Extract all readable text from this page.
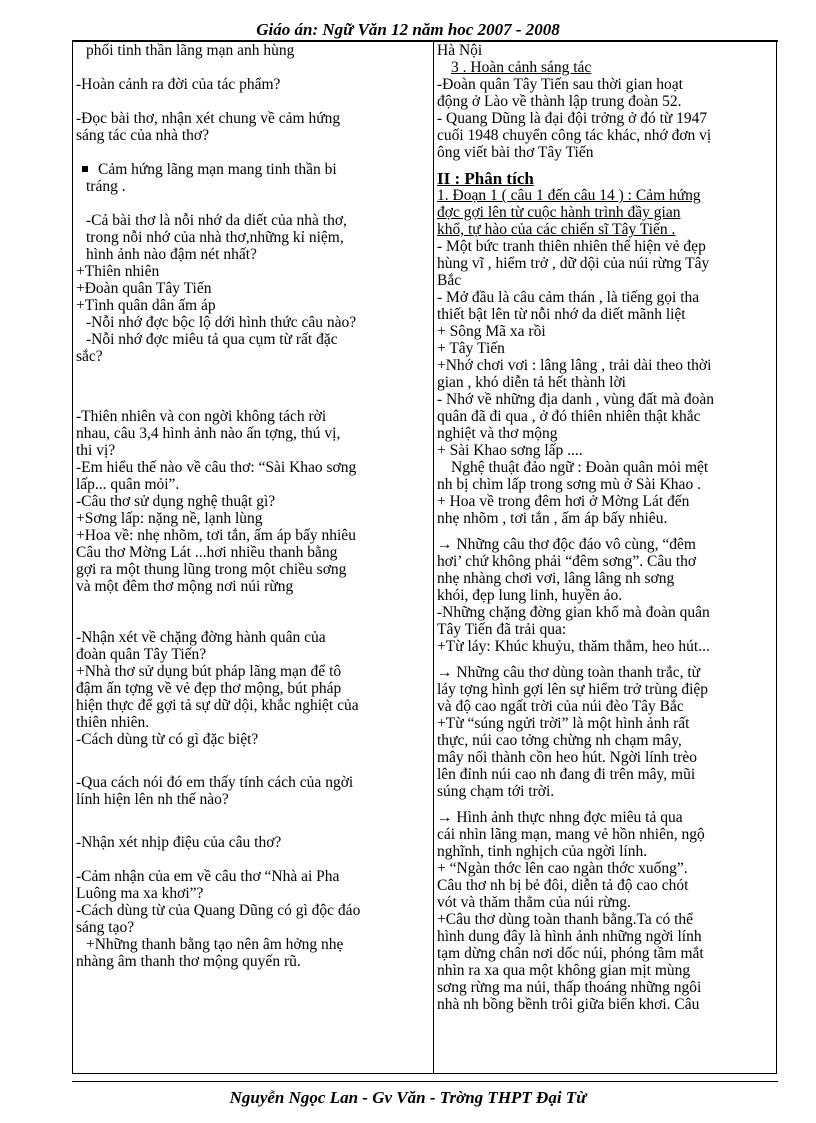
Giáo án: Ngữ Văn 12 năm hoc 2007 - 2008
phối tinh thần lãng mạn anh hùng
-Hoàn cảnh ra đời của tác phẩm?
-Đọc bài thơ, nhận xét chung về cảm hứng
sáng tác của nhà thơ?
Cảm hứng lãng mạn mang tinh thần bi
tráng .
-Cả bài thơ là nỗi nhớ da diết của nhà thơ,
trong nỗi nhớ của nhà thơ,những kỉ niệm,
hình ảnh nào đậm nét nhất?
+Thiên nhiên
+Đoàn quân Tây Tiến
+Tình quân dân ấm áp
-Nỗi nhớ đợc bộc lộ dới hình thức câu nào?
-Nỗi nhớ đợc miêu tả qua cụm từ rất đặc
sắc?
-Thiên nhiên và con ngời không tách rời
nhau, câu 3,4 hình ảnh nào ấn tợng, thú vị,
thi vị?
-Em hiểu thế nào về câu thơ: “Sài Khao sơng
lấp... quân mỏi”.
-Câu thơ sử dụng nghệ thuật gì?
+Sơng lấp: nặng nề, lạnh lùng
+Hoa về: nhẹ nhõm, tơi tắn, ấm áp bấy nhiêu
Câu thơ Mờng Lát ...hơi nhiều thanh bằng
gợi ra một thung lũng trong một chiều sơng
và một đêm thơ mộng nơi núi rừng
-Nhận xét về chặng đờng hành quân của
đoàn quân Tây Tiến?
+Nhà thơ sử dụng bút pháp lãng mạn để tô
đậm ấn tợng về vẻ đẹp thơ mộng, bút pháp
hiện thực để gợi tả sự dữ dội, khắc nghiệt của
thiên nhiên.
-Cách dùng từ có gì đặc biệt?
-Qua cách nói đó em thấy tính cách của ngời
lính hiện lên nh thế nào?
-Nhận xét nhịp điệu của câu thơ?
-Cảm nhận của em về câu thơ “Nhà ai Pha
Luông ma xa khơi”?
-Cách dùng từ của Quang Dũng có gì độc đáo
sáng tạo?
+Những thanh bằng tạo nên âm hởng nhẹ
nhàng âm thanh thơ mộng quyến rũ.
Hà Nội
3 . Hoàn cảnh sáng tác
-Đoàn quân Tây Tiến sau thời gian hoạt
động ở Lào về thành lập trung đoàn 52.
- Quang Dũng là đại đội trởng ở đó từ 1947
cuối 1948 chuyển công tác khác, nhớ đơn vị
ông viết bài thơ Tây Tiến
II : Phân tích
1. Đoạn 1 ( câu 1 đến câu 14 ) : Cảm hứng
đợc gợi lên từ cuộc hành trình đầy gian
khổ, tự hào của các chiến sĩ Tây Tiến .
- Một bức tranh thiên nhiên thể hiện vẻ đẹp
hùng vĩ , hiểm trở , dữ dội của núi rừng Tây
Bắc
- Mở đầu là câu cảm thán , là tiếng gọi tha
thiết bật lên từ nỗi nhớ da diết mãnh liệt
+ Sông Mã xa rồi
+ Tây Tiến
+Nhớ chơi vơi : lâng lâng , trải dài theo thời
gian , khó diễn tả hết thành lời
- Nhớ về những địa danh , vùng đất mà đoàn
quân đã đi qua , ở đó thiên nhiên thật khắc
nghiệt và thơ mộng
+ Sài Khao sơng lấp ....
Nghệ thuật đảo ngữ : Đoàn quân mỏi mệt
nh bị chìm lấp trong sơng mù ở Sài Khao .
+ Hoa về trong đêm hơi ở Mờng Lát đến
nhẹ nhõm , tơi tắn , ấm áp bấy nhiêu.
→ Những câu thơ độc đáo vô cùng, “đêm
hơi’ chứ không phải “đêm sơng”. Câu thơ
nhẹ nhàng chơi vơi, lâng lâng nh sơng
khói, đẹp lung linh, huyền ảo.
-Những chặng đờng gian khổ mà đoàn quân
Tây Tiến đã trải qua:
+Từ láy: Khúc khuỷu, thăm thẳm, heo hút...
→ Những câu thơ dùng toàn thanh trắc, từ
láy tợng hình gợi lên sự hiểm trở trùng điệp
và độ cao ngất trời của núi đèo Tây Bắc
+Từ “súng ngửi trời” là một hình ảnh rất
thực, núi cao tởng chừng nh chạm mây,
mây nối thành cồn heo hút. Ngời lính trèo
lên đỉnh núi cao nh đang đi trên mây, mũi
súng chạm tới trời.
→ Hình ảnh thực nhng đợc miêu tả qua
cái nhìn lãng mạn, mang vẻ hồn nhiên, ngộ
nghĩnh, tinh nghịch của ngời lính.
+ “Ngàn thớc lên cao ngàn thớc xuống”.
Câu thơ nh bị bẻ đôi, diễn tả độ cao chót
vót và thăm thẳm của núi rừng.
+Câu thơ dùng toàn thanh bằng.Ta có thể
hình dung đây là hình ảnh những ngời lính
tạm dừng chân nơi dốc núi, phóng tầm mắt
nhìn ra xa qua một không gian mịt mùng
sơng rừng ma núi, thấp thoáng những ngôi
nhà nh bồng bềnh trôi giữa biển khơi. Câu
Nguyễn Ngọc Lan - Gv Văn - Trờng THPT Đại Từ
